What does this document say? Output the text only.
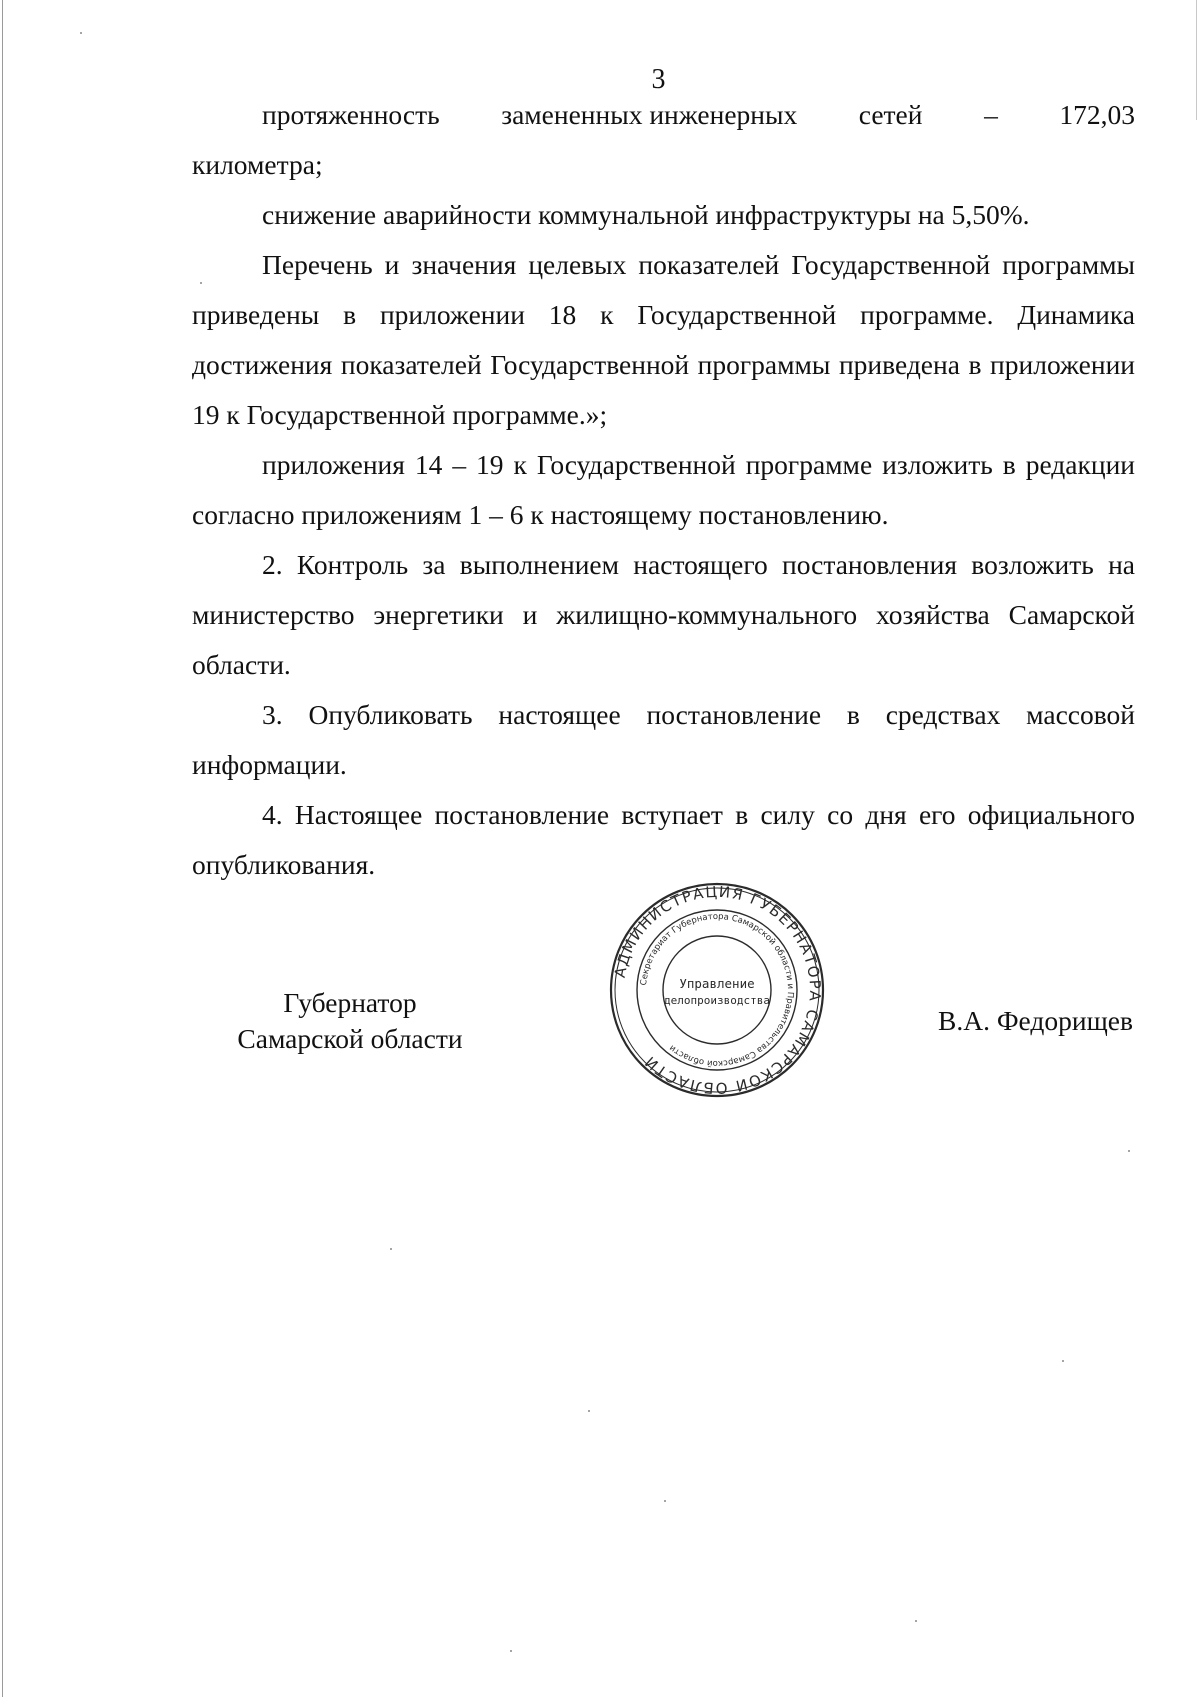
3

протяженность замененных инженерных сетей – 172,03
километра;

снижение аварийности коммунальной инфраструктуры на 5,50%.

Перечень и значения целевых показателей Государственной программы приведены в приложении 18 к Государственной программе. Динамика достижения показателей Государственной программы приведена в приложении 19 к Государственной программе.»;

приложения 14 – 19 к Государственной программе изложить в редакции согласно приложениям 1 – 6 к настоящему постановлению.

2. Контроль за выполнением настоящего постановления возложить на министерство энергетики и жилищно-коммунального хозяйства Самарской области.

3. Опубликовать настоящее постановление в средствах массовой информации.

4. Настоящее постановление вступает в силу со дня его официального опубликования.

АДМИНИСТРАЦИЯ ГУБЕРНАТОРА САМАРСКОЙ ОБЛАСТИ
Секретариат Губернатора Самарской области и Правительства Самарской области
Управление
делопроизводства
Губернатор
Самарской области
В.А. Федорищев
